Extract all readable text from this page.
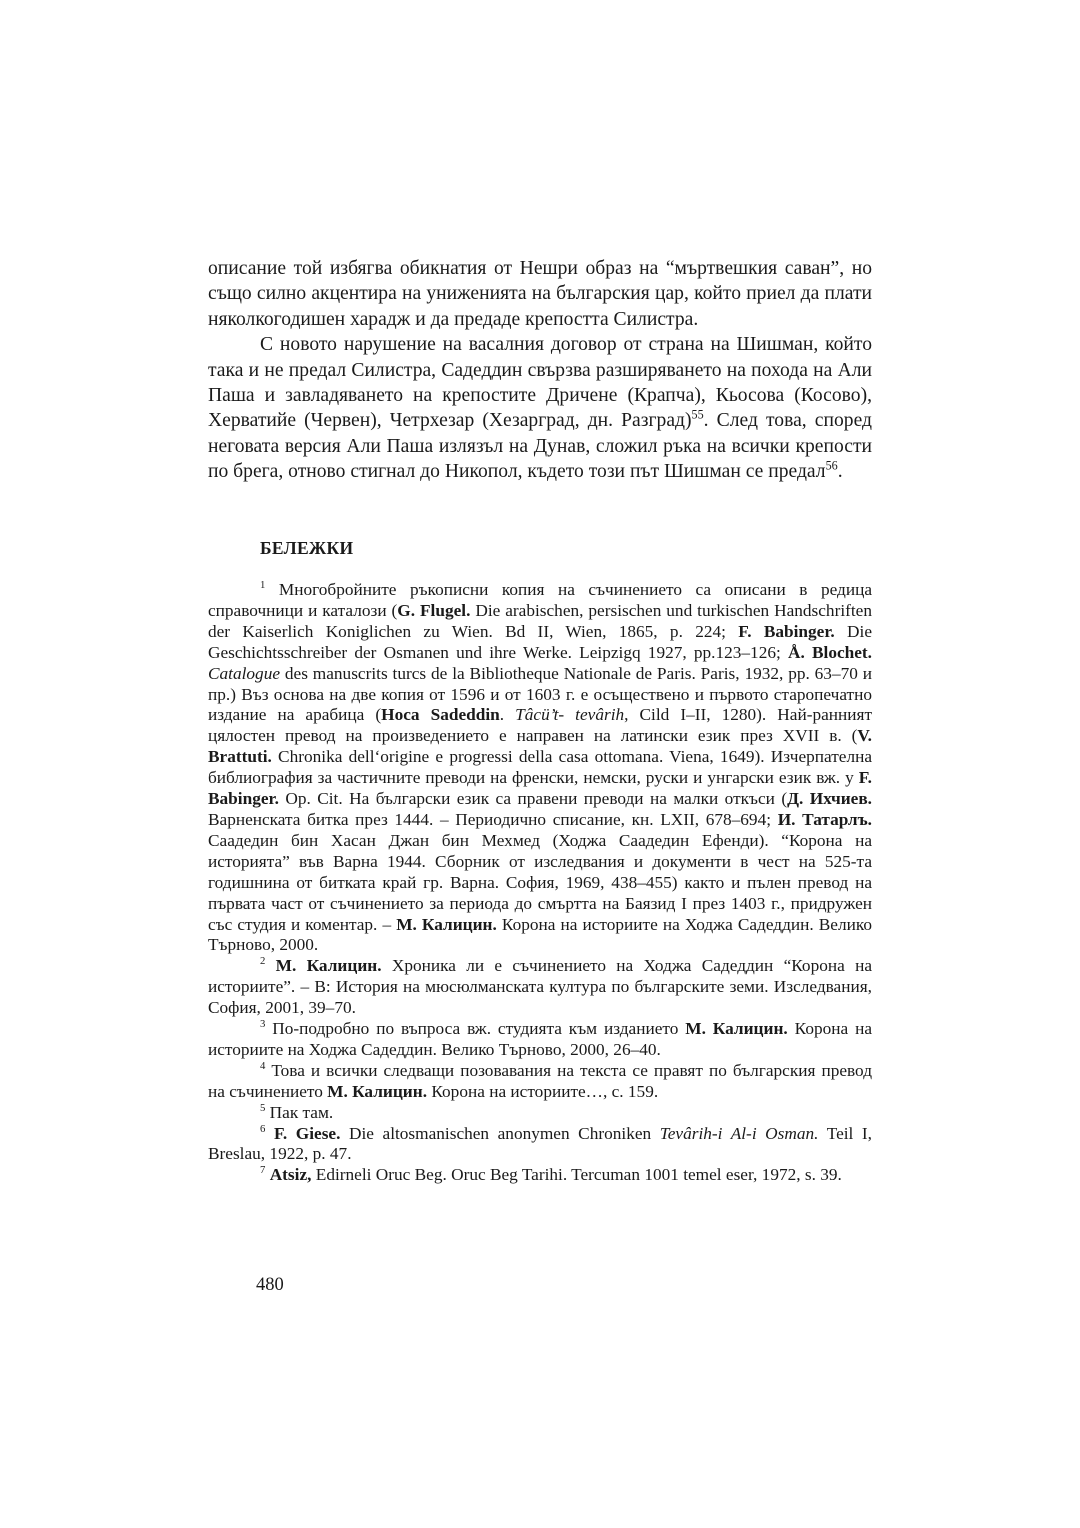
описание той избягва обикнатия от Нешри образ на “мъртвешкия саван”, но също силно акцентира на униженията на българския цар, който приел да плати няколкогодишен харадж и да предаде крепостта Силистра.

С новото нарушение на васалния договор от страна на Шишман, който така и не предал Силистра, Садеддин свързва разширяването на похода на Али Паша и завладяването на крепостите Дричене (Крапча), Кьосова (Косово), Херватийе (Червен), Четрхезар (Хезарград, дн. Разград)$^{55}$. След това, според неговата версия Али Паша излязъл на Дунав, сложил ръка на всички крепости по брега, отново стигнал до Никопол, където този път Шишман се предал$^{56}$.

БЕЛЕЖКИ

$^1$ Многобройните ръкописни копия на съчинението са описани в редица справочници и каталози (G. Flugel. Die arabischen, persischen und turkischen Handschriften der Kaiserlich Koniglichen zu Wien. Bd II, Wien, 1865, p. 224; F. Babinger. Die Geschichtsschreiber der Osmanen und ihre Werke. Leipzigq 1927, pp.123–126; Å. Blochet. Catalogue des manuscrits turcs de la Bibliotheque Nationale de Paris. Paris, 1932, pp. 63–70 и пр.) Въз основа на две копия от 1596 и от 1603 г. е осъществено и първото старопечатно издание на арабица (Hoca Sadeddin. Tâcü’t- tevârih, Cild I–II, 1280). Най-ранният цялостен превод на произведението е направен на латински език през XVII в. (V. Brattuti. Chronika dell‘origine e progressi della casa ottomana. Viena, 1649). Изчерпателна библиография за частичните преводи на френски, немски, руски и унгарски език вж. у F. Babinger. Op. Cit. На български език са правени преводи на малки откъси (Д. Ихчиев. Варненската битка през 1444. – Периодично списание, кн. LXII, 678–694; И. Татарлъ. Саадедин бин Хасан Джан бин Мехмед (Ходжа Саадедин Ефенди). “Корона на историята” във Варна 1944. Сборник от изследвания и документи в чест на 525-та годишнина от битката край гр. Варна. София, 1969, 438–455) както и пълен превод на първата част от съчинението за периода до смъртта на Баязид I през 1403 г., придружен със студия и коментар. – М. Калицин. Корона на историите на Ходжа Садеддин. Велико Търново, 2000.

$^2$ М. Калицин. Хроника ли е съчинението на Ходжа Садеддин “Корона на историите”. – В: История на мюсюлманската култура по българските земи. Изследвания, София, 2001, 39–70.

$^3$ По-подробно по въпроса вж. студията към изданието М. Калицин. Корона на историите на Ходжа Садеддин. Велико Търново, 2000, 26–40.

$^4$ Това и всички следващи позовавания на текста се правят по българския превод на съчинението М. Калицин. Корона на историите…, с. 159.

$^5$ Пак там.

$^6$ F. Giese. Die altosmanischen anonymen Chroniken Tevârih-i Al-i Osman. Teil I, Breslau, 1922, p. 47.

$^7$ Atsiz, Edirneli Oruc Beg. Oruc Beg Tarihi. Tercuman 1001 temel eser, 1972, s. 39.

480
